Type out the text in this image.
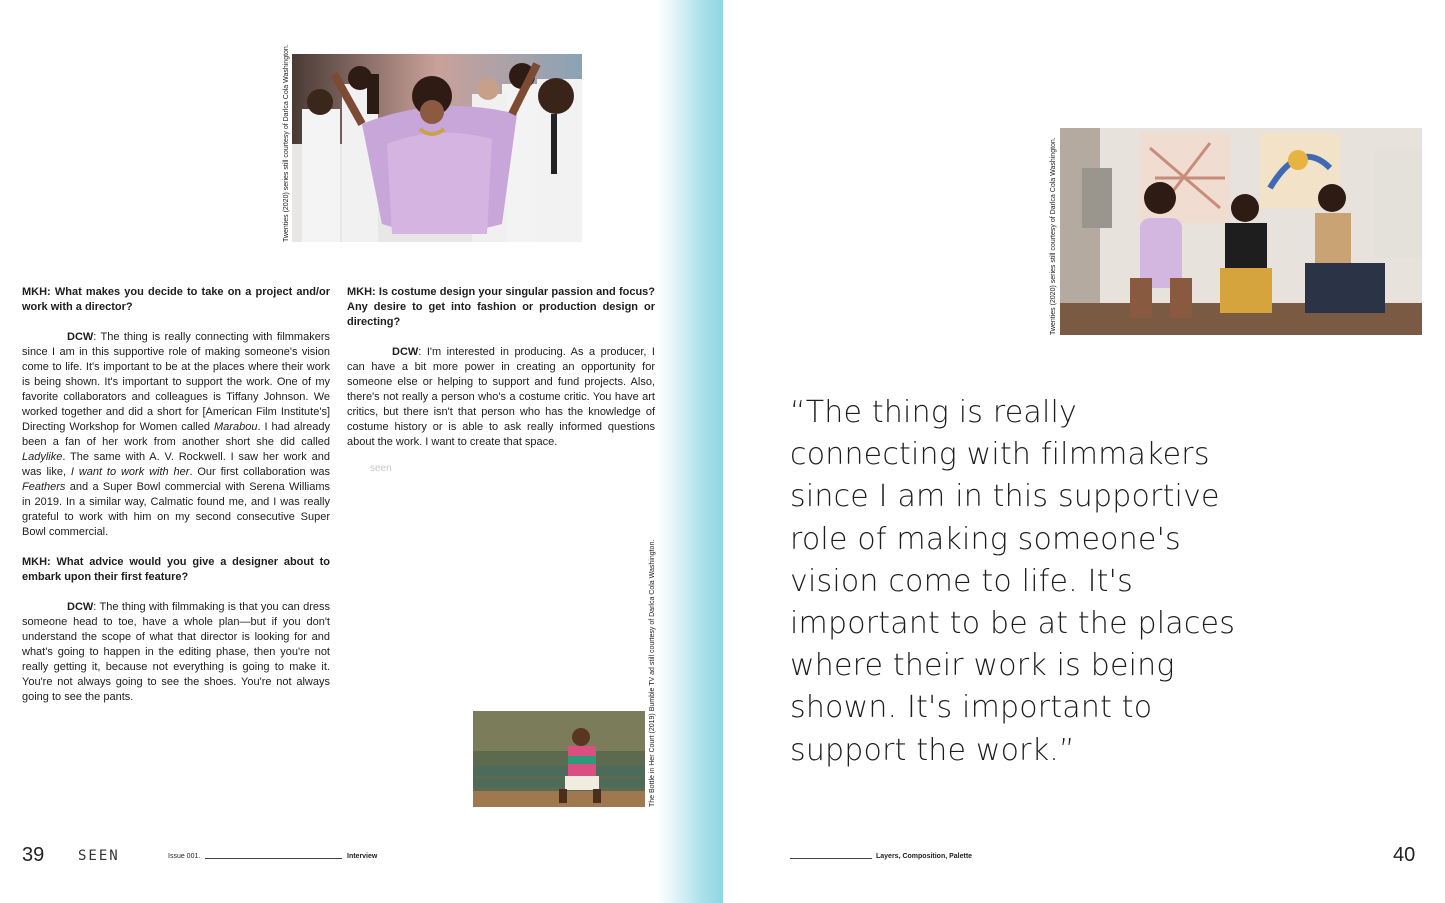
Twenties (2020) series still courtesy of Darlca Cola Washington.

MKH: What makes you decide to take on a project and/or work with a director?

DCW: The thing is really connecting with filmmakers since I am in this supportive role of making someone's vision come to life. It's important to be at the places where their work is being shown. It's important to support the work. One of my favorite collaborators and colleagues is Tiffany Johnson. We worked together and did a short for [American Film Institute's] Directing Workshop for Women called Marabou. I had already been a fan of her work from another short she did called Ladylike. The same with A. V. Rockwell. I saw her work and was like, I want to work with her. Our first collaboration was Feathers and a Super Bowl commercial with Serena Williams in 2019. In a similar way, Calmatic found me, and I was really grateful to work with him on my second consecutive Super Bowl commercial.

MKH: What advice would you give a designer about to embark upon their first feature?

DCW: The thing with filmmaking is that you can dress someone head to toe, have a whole plan—but if you don't understand the scope of what that director is looking for and what's going to happen in the editing phase, then you're not really getting it, because not everything is going to make it. You're not always going to see the shoes. You're not always going to see the pants.

MKH: Is costume design your singular passion and focus? Any desire to get into fashion or production design or directing?

DCW: I'm interested in producing. As a producer, I can have a bit more power in creating an opportunity for someone else or helping to support and fund projects. Also, there's not really a person who's a costume critic. You have art critics, but there isn't that person who has the knowledge of costume history or is able to ask really informed questions about the work. I want to create that space.

seen
The Bottle in Her Court (2019) Bumble TV ad still courtesy of Darlca Cola Washington.
39 SEEN	Issue 001.	Interview
Twenties (2020) series still courtesy of Darlca Cola Washington.
“The thing is really connecting with filmmakers since I am in this supportive role of making someone's vision come to life. It's important to be at the places where their work is being shown. It's important to support the work.”
Layers, Composition, Palette	40
